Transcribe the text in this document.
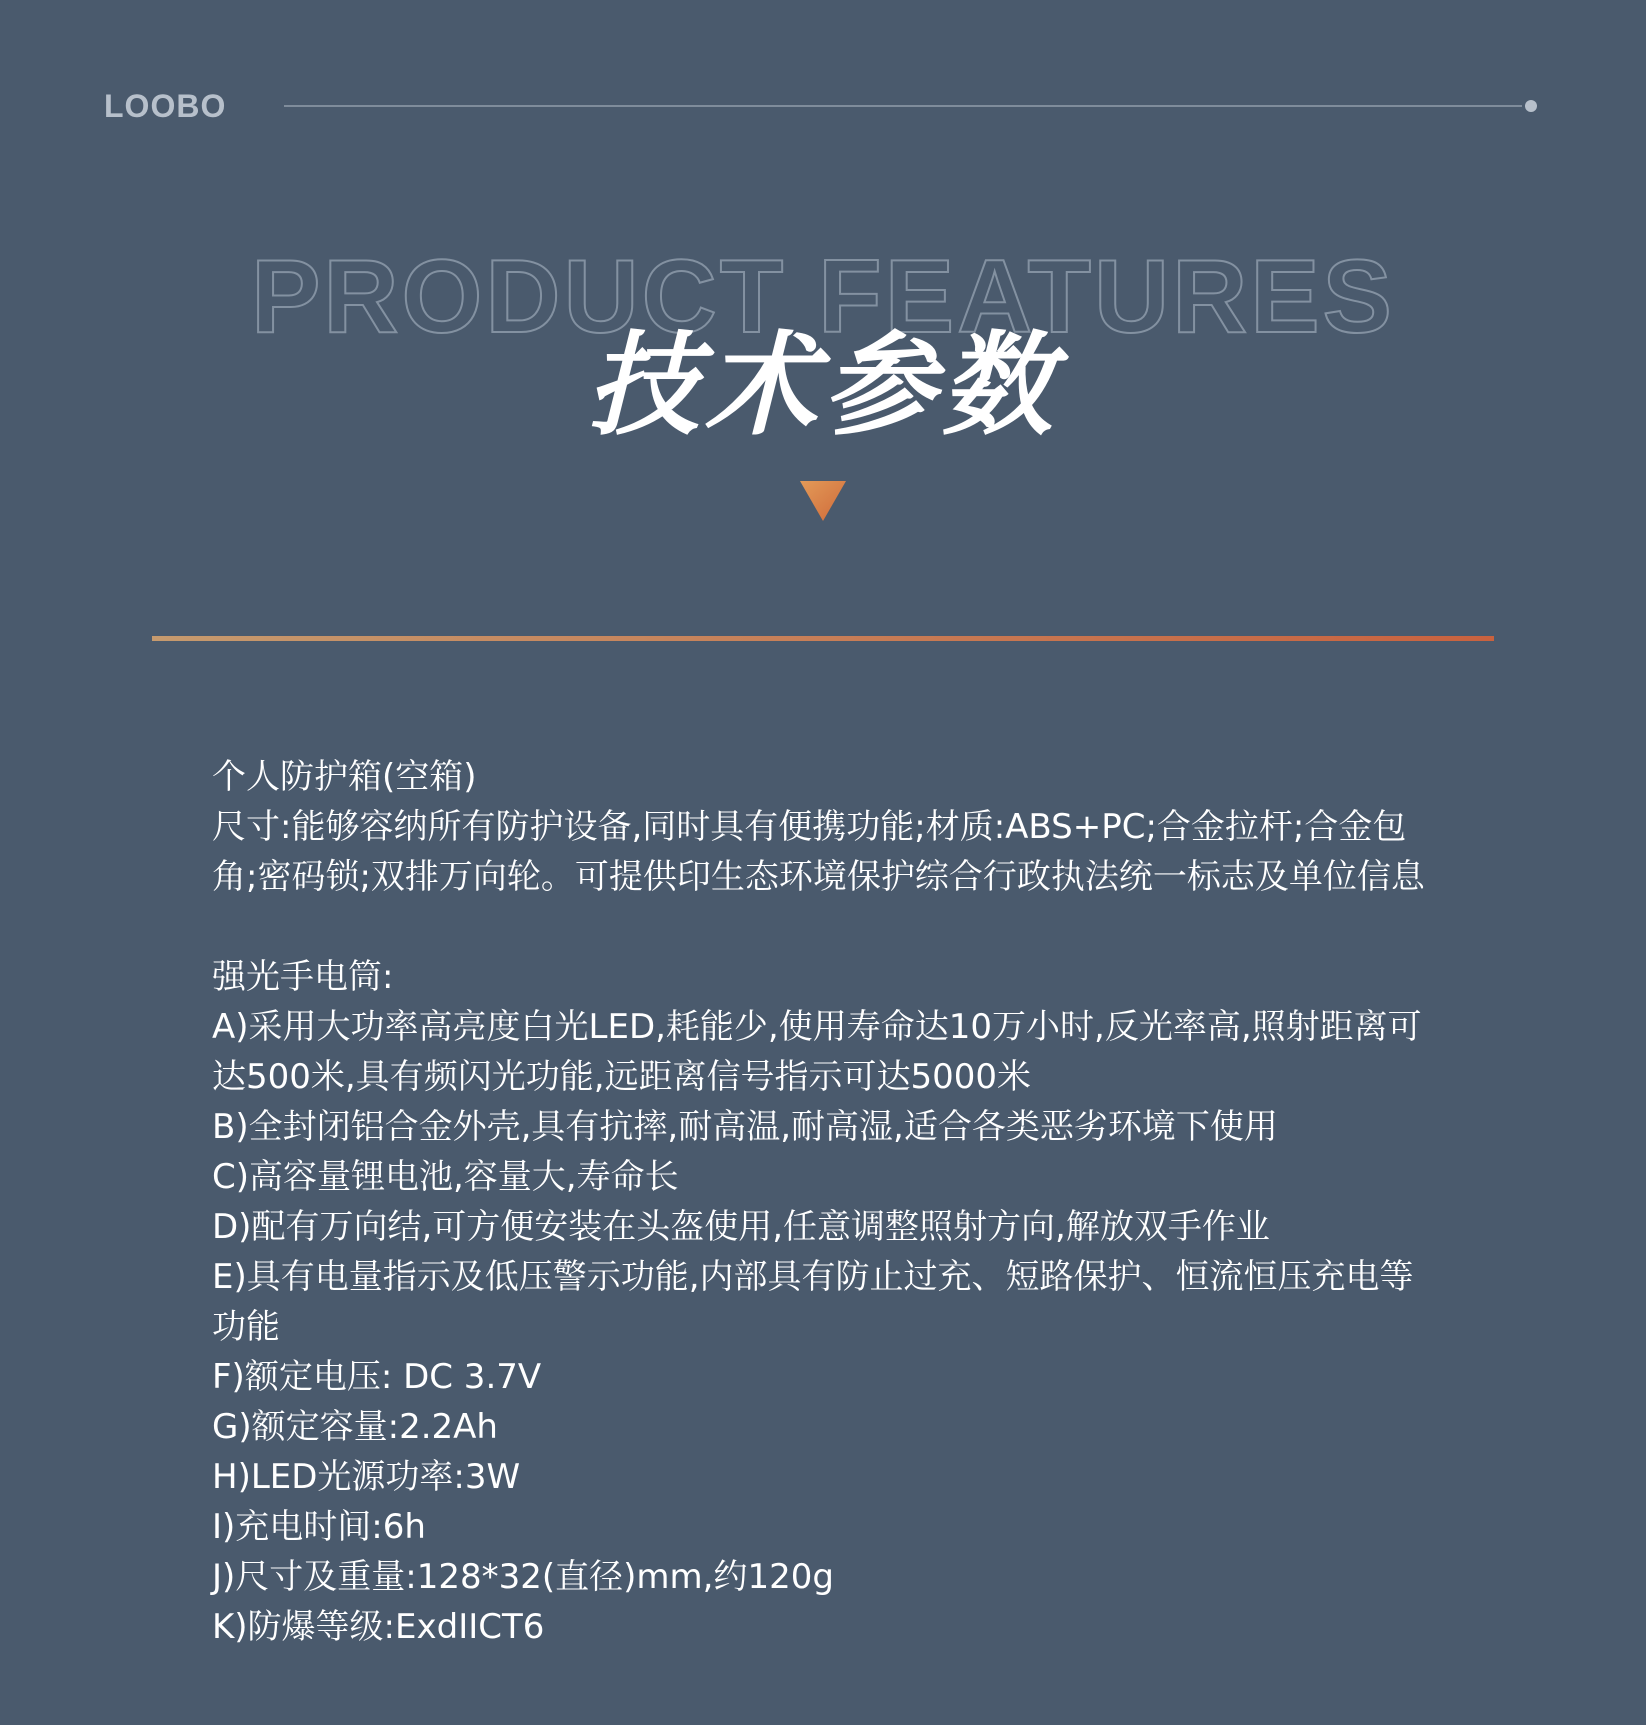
LOOBO
PRODUCT FEATURES
技术参数

个人防护箱(空箱)

尺寸:能够容纳所有防护设备,同时具有便携功能;材质:ABS+PC;合金拉杆;合金包角;密码锁;双排万向轮。可提供印生态环境保护综合行政执法统一标志及单位信息

强光手电筒:

A)采用大功率高亮度白光LED,耗能少,使用寿命达10万小时,反光率高,照射距离可达500米,具有频闪光功能,远距离信号指示可达5000米

B)全封闭铝合金外壳,具有抗摔,耐高温,耐高湿,适合各类恶劣环境下使用

C)高容量锂电池,容量大,寿命长

D)配有万向结,可方便安装在头盔使用,任意调整照射方向,解放双手作业

E)具有电量指示及低压警示功能,内部具有防止过充、短路保护、恒流恒压充电等功能

F)额定电压: DC 3.7V

G)额定容量:2.2Ah

H)LED光源功率:3W

I)充电时间:6h

J)尺寸及重量:128*32(直径)mm,约120g

K)防爆等级:ExdIICT6
